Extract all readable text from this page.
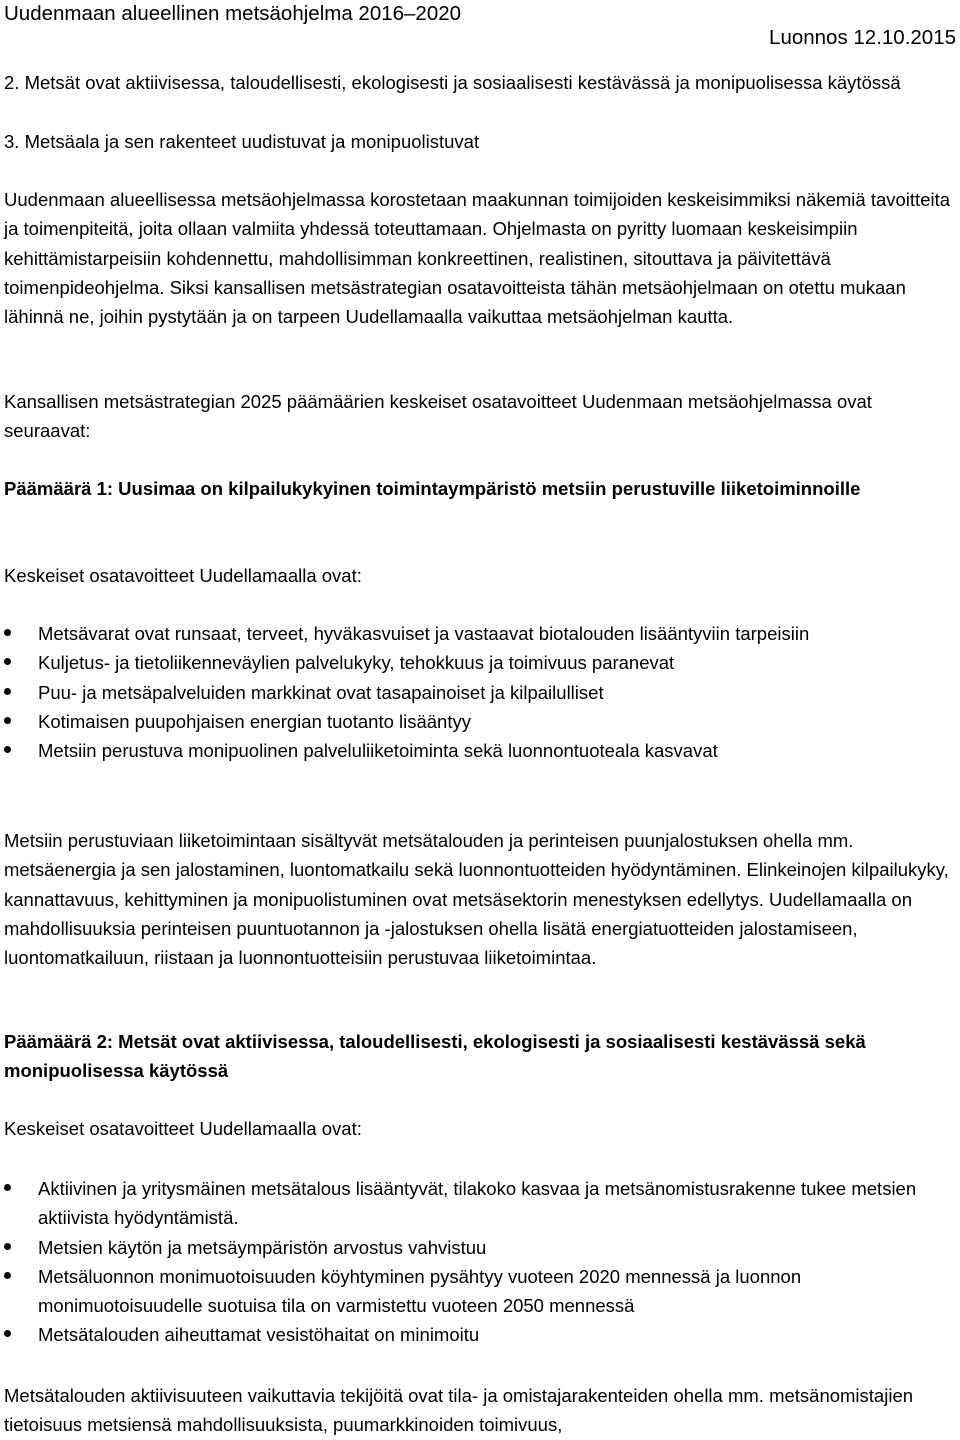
Uudenmaan alueellinen metsäohjelma 2016–2020
Luonnos 12.10.2015

2. Metsät ovat aktiivisessa, taloudellisesti, ekologisesti ja sosiaalisesti kestävässä ja monipuolisessa käytössä

3. Metsäala ja sen rakenteet uudistuvat ja monipuolistuvat

Uudenmaan alueellisessa metsäohjelmassa korostetaan maakunnan toimijoiden keskeisimmiksi näkemiä tavoitteita ja toimenpiteitä, joita ollaan valmiita yhdessä toteuttamaan. Ohjelmasta on pyritty luomaan keskeisimpiin kehittämistarpeisiin kohdennettu, mahdollisimman konkreettinen, realistinen, sitouttava ja päivitettävä toimenpideohjelma. Siksi kansallisen metsästrategian osatavoitteista tähän metsäohjelmaan on otettu mukaan lähinnä ne, joihin pystytään ja on tarpeen Uudellamaalla vaikuttaa metsäohjelman kautta.

Kansallisen metsästrategian 2025 päämäärien keskeiset osatavoitteet Uudenmaan metsäohjelmassa ovat seuraavat:

Päämäärä 1: Uusimaa on kilpailukykyinen toimintaympäristö metsiin perustuville liiketoiminnoille

Keskeiset osatavoitteet Uudellamaalla ovat:

Metsävarat ovat runsaat, terveet, hyväkasvuiset ja vastaavat biotalouden lisääntyviin tarpeisiin
Kuljetus- ja tietoliikenneväylien palvelukyky, tehokkuus ja toimivuus paranevat
Puu- ja metsäpalveluiden markkinat ovat tasapainoiset ja kilpailulliset
Kotimaisen puupohjaisen energian tuotanto lisääntyy
Metsiin perustuva monipuolinen palveluliiketoiminta sekä luonnontuoteala kasvavat

Metsiin perustuviaan liiketoimintaan sisältyvät metsätalouden ja perinteisen puunjalostuksen ohella mm. metsäenergia ja sen jalostaminen, luontomatkailu sekä luonnontuotteiden hyödyntäminen. Elinkeinojen kilpailukyky, kannattavuus, kehittyminen ja monipuolistuminen ovat metsäsektorin menestyksen edellytys. Uudellamaalla on mahdollisuuksia perinteisen puuntuotannon ja -jalostuksen ohella lisätä energiatuotteiden jalostamiseen, luontomatkailuun, riistaan ja luonnontuotteisiin perustuvaa liiketoimintaa.

Päämäärä 2: Metsät ovat aktiivisessa, taloudellisesti, ekologisesti ja sosiaalisesti kestävässä sekä monipuolisessa käytössä

Keskeiset osatavoitteet Uudellamaalla ovat:

Aktiivinen ja yritysmäinen metsätalous lisääntyvät, tilakoko kasvaa ja metsänomistusrakenne tukee metsien aktiivista hyödyntämistä.
Metsien käytön ja metsäympäristön arvostus vahvistuu
Metsäluonnon monimuotoisuuden köyhtyminen pysähtyy vuoteen 2020 mennessä ja luonnon monimuotoisuudelle suotuisa tila on varmistettu vuoteen 2050 mennessä
Metsätalouden aiheuttamat vesistöhaitat on minimoitu

Metsätalouden aktiivisuuteen vaikuttavia tekijöitä ovat tila- ja omistajarakenteiden ohella mm. metsänomistajien tietoisuus metsiensä mahdollisuuksista, puumarkkinoiden toimivuus,
